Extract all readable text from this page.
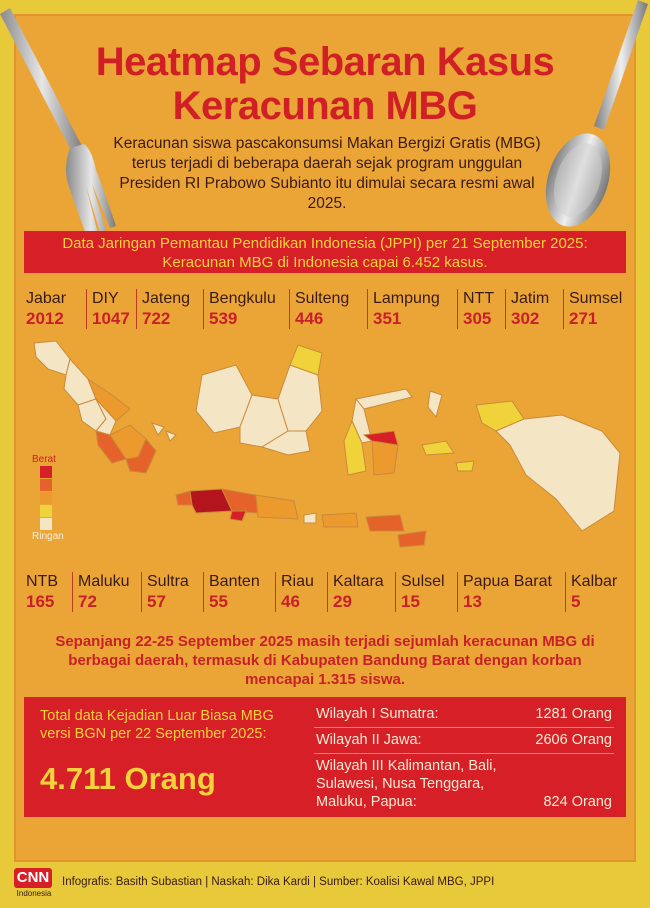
Heatmap Sebaran Kasus
Keracunan MBG
Keracunan siswa pascakonsumsi Makan Bergizi Gratis (MBG) terus terjadi di beberapa daerah sejak program unggulan Presiden RI Prabowo Subianto itu dimulai secara resmi awal 2025.
Data Jaringan Pemantau Pendidikan Indonesia (JPPI) per 21 September 2025:
Keracunan MBG di Indonesia capai 6.452 kasus.
Jabar
2012
DIY
1047
Jateng
722
Bengkulu
539
Sulteng
446
Lampung
351
NTT
305
Jatim
302
Sumsel
271
Berat
Ringan
NTB
165
Maluku
72
Sultra
57
Banten
55
Riau
46
Kaltara
29
Sulsel
15
Papua Barat
13
Kalbar
5
Sepanjang 22-25 September 2025 masih terjadi sejumlah keracunan MBG di berbagai daerah, termasuk di Kabupaten Bandung Barat dengan korban mencapai 1.315 siswa.
Total data Kejadian Luar Biasa MBG versi BGN per 22 September 2025:
4.711 Orang
Wilayah I Sumatra:	1281 Orang
Wilayah II Jawa:	2606 Orang
Wilayah III Kalimantan, Bali, Sulawesi, Nusa Tenggara, Maluku, Papua:	824 Orang
CNN
Indonesia
Infografis: Basith Subastian | Naskah: Dika Kardi | Sumber: Koalisi Kawal MBG, JPPI
